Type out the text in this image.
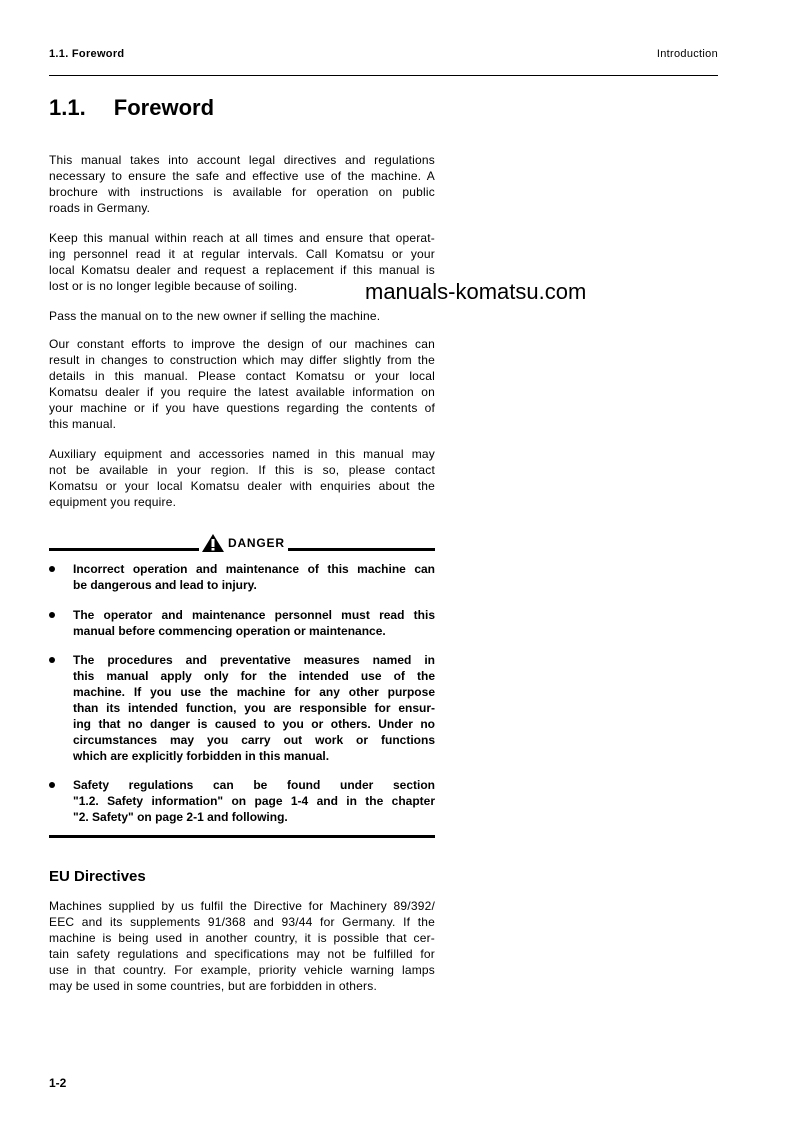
1.1. Foreword	Introduction
1.1. Foreword
manuals-komatsu.com
This manual takes into account legal directives and regulations
necessary to ensure the safe and effective use of the machine. A
brochure with instructions is available for operation on public
roads in Germany.
Keep this manual within reach at all times and ensure that operat-
ing personnel read it at regular intervals. Call Komatsu or your
local Komatsu dealer and request a replacement if this manual is
lost or is no longer legible because of soiling.
Pass the manual on to the new owner if selling the machine.
Our constant efforts to improve the design of our machines can
result in changes to construction which may differ slightly from the
details in this manual. Please contact Komatsu or your local
Komatsu dealer if you require the latest available information on
your machine or if you have questions regarding the contents of
this manual.
Auxiliary equipment and accessories named in this manual may
not be available in your region. If this is so, please contact
Komatsu or your local Komatsu dealer with enquiries about the
equipment you require.
DANGER
Incorrect operation and maintenance of this machine can
be dangerous and lead to injury.
The operator and maintenance personnel must read this
manual before commencing operation or maintenance.
The procedures and preventative measures named in
this manual apply only for the intended use of the
machine. If you use the machine for any other purpose
than its intended function, you are responsible for ensur-
ing that no danger is caused to you or others. Under no
circumstances may you carry out work or functions
which are explicitly forbidden in this manual.
Safety regulations can be found under section
"1.2. Safety information" on page 1-4 and in the chapter
"2. Safety" on page 2-1 and following.
EU Directives
Machines supplied by us fulfil the Directive for Machinery 89/392/
EEC and its supplements 91/368 and 93/44 for Germany. If the
machine is being used in another country, it is possible that cer-
tain safety regulations and specifications may not be fulfilled for
use in that country. For example, priority vehicle warning lamps
may be used in some countries, but are forbidden in others.
1-2
